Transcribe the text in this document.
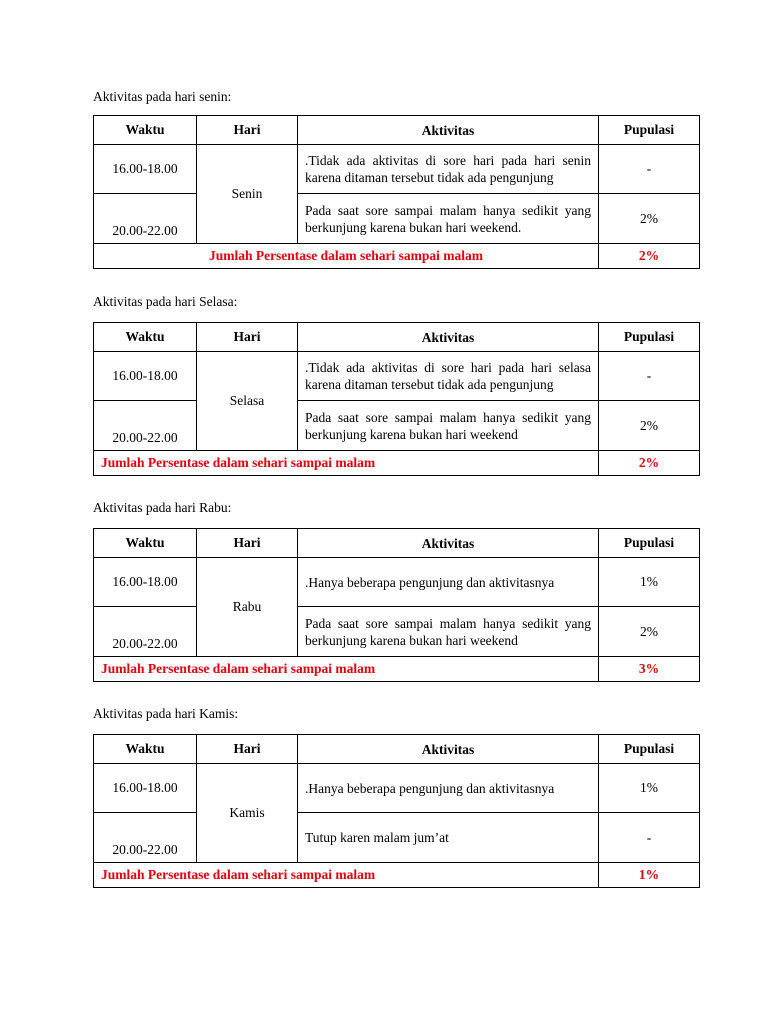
Aktivitas pada hari senin:

Waktu	Hari	Aktivitas	Pupulasi
16.00-18.00	Senin	.Tidak ada aktivitas di sore hari pada hari senin karena ditaman tersebut tidak ada pengunjung	-
20.00-22.00		Pada saat sore sampai malam hanya sedikit yang berkunjung karena bukan hari weekend.	2%
Jumlah Persentase dalam sehari sampai malam			2%

Aktivitas pada hari Selasa:

Waktu	Hari	Aktivitas	Pupulasi
16.00-18.00	Selasa	.Tidak ada aktivitas di sore hari pada hari selasa karena ditaman tersebut tidak ada pengunjung	-
20.00-22.00		Pada saat sore sampai malam hanya sedikit yang berkunjung karena bukan hari weekend	2%
Jumlah Persentase dalam sehari sampai malam			2%

Aktivitas pada hari Rabu:

Waktu	Hari	Aktivitas	Pupulasi
16.00-18.00	Rabu	.Hanya beberapa pengunjung dan aktivitasnya	1%
20.00-22.00		Pada saat sore sampai malam hanya sedikit yang berkunjung karena bukan hari weekend	2%
Jumlah Persentase dalam sehari sampai malam			3%

Aktivitas pada hari Kamis:

Waktu	Hari	Aktivitas	Pupulasi
16.00-18.00	Kamis	.Hanya beberapa pengunjung dan aktivitasnya	1%
20.00-22.00		Tutup karen malam jum’at	-
Jumlah Persentase dalam sehari sampai malam			1%
